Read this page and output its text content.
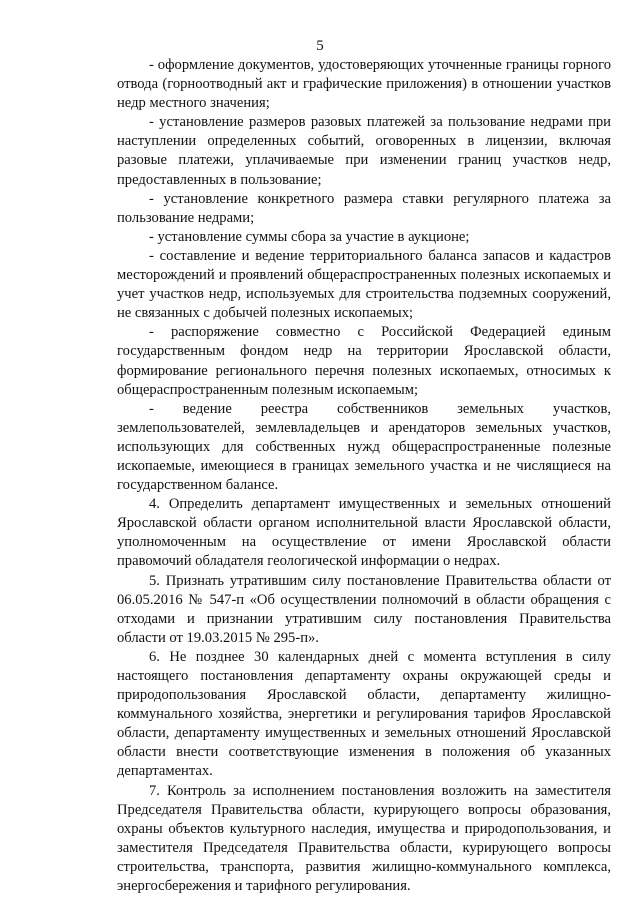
5

- оформление документов, удостоверяющих уточненные границы горного отвода (горноотводный акт и графические приложения) в отношении участков недр местного значения;

- установление размеров разовых платежей за пользование недрами при наступлении определенных событий, оговоренных в лицензии, включая разовые платежи, уплачиваемые при изменении границ участков недр, предоставленных в пользование;

- установление конкретного размера ставки регулярного платежа за пользование недрами;

- установление суммы сбора за участие в аукционе;

- составление и ведение территориального баланса запасов и кадастров месторождений и проявлений общераспространенных полезных ископаемых и учет участков недр, используемых для строительства подземных сооружений, не связанных с добычей полезных ископаемых;

- распоряжение совместно с Российской Федерацией единым государственным фондом недр на территории Ярославской области, формирование регионального перечня полезных ископаемых, относимых к общераспространенным полезным ископаемым;

- ведение реестра собственников земельных участков, землепользователей, землевладельцев и арендаторов земельных участков, использующих для собственных нужд общераспространенные полезные ископаемые, имеющиеся в границах земельного участка и не числящиеся на государственном балансе.

4. Определить департамент имущественных и земельных отношений Ярославской области органом исполнительной власти Ярославской области, уполномоченным на осуществление от имени Ярославской области правомочий обладателя геологической информации о недрах.

5. Признать утратившим силу постановление Правительства области от 06.05.2016 № 547-п «Об осуществлении полномочий в области обращения с отходами и признании утратившим силу постановления Правительства области от 19.03.2015 № 295-п».

6. Не позднее 30 календарных дней с момента вступления в силу настоящего постановления департаменту охраны окружающей среды и природопользования Ярославской области, департаменту жилищно-коммунального хозяйства, энергетики и регулирования тарифов Ярославской области, департаменту имущественных и земельных отношений Ярославской области внести соответствующие изменения в положения об указанных департаментах.

7. Контроль за исполнением постановления возложить на заместителя Председателя Правительства области, курирующего вопросы образования, охраны объектов культурного наследия, имущества и природопользования, и заместителя Председателя Правительства области, курирующего вопросы строительства, транспорта, развития жилищно-коммунального комплекса, энергосбережения и тарифного регулирования.
